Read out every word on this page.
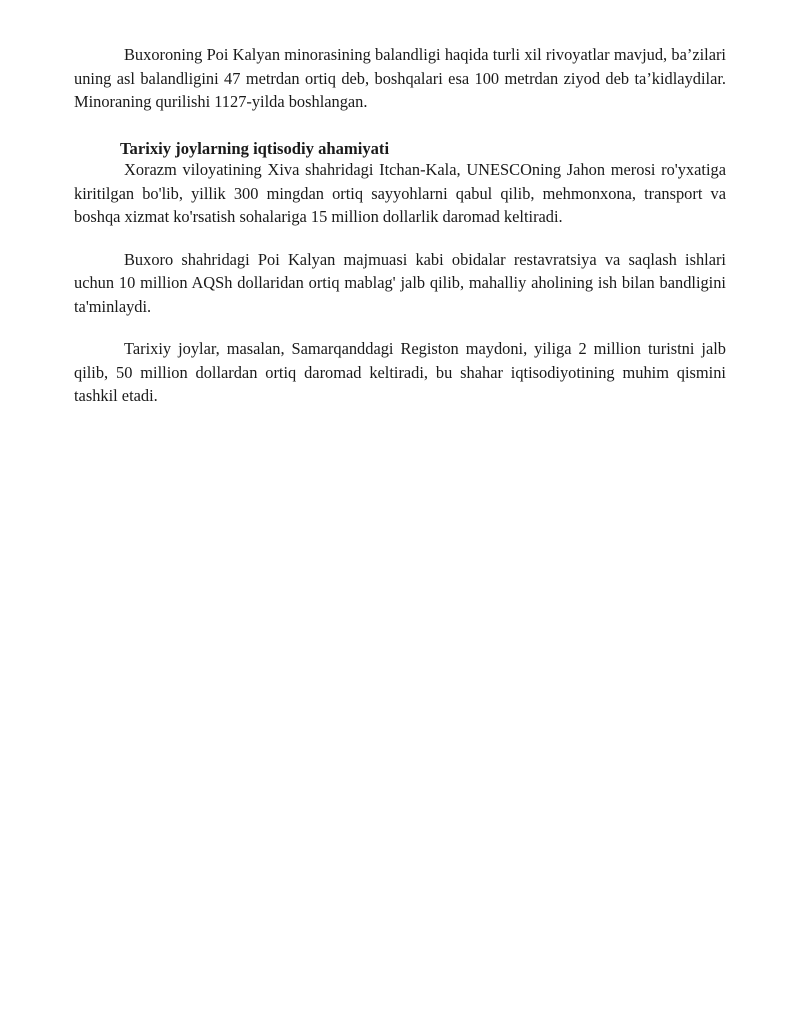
Buxoroning Poi Kalyan minorasining balandligi haqida turli xil rivoyatlar mavjud, ba’zilari uning asl balandligini 47 metrdan ortiq deb, boshqalari esa 100 metrdan ziyod deb ta’kidlaydilar. Minoraning qurilishi 1127-yilda boshlangan.

Tarixiy joylarning iqtisodiy ahamiyati

Xorazm viloyatining Xiva shahridagi Itchan-Kala, UNESCOning Jahon merosi ro'yxatiga kiritilgan bo'lib, yillik 300 mingdan ortiq sayyohlarni qabul qilib, mehmonxona, transport va boshqa xizmat ko'rsatish sohalariga 15 million dollarlik daromad keltiradi.

Buxoro shahridagi Poi Kalyan majmuasi kabi obidalar restavratsiya va saqlash ishlari uchun 10 million AQSh dollaridan ortiq mablag' jalb qilib, mahalliy aholining ish bilan bandligini ta'minlaydi.

Tarixiy joylar, masalan, Samarqanddagi Registon maydoni, yiliga 2 million turistni jalb qilib, 50 million dollardan ortiq daromad keltiradi, bu shahar iqtisodiyotining muhim qismini tashkil etadi.
